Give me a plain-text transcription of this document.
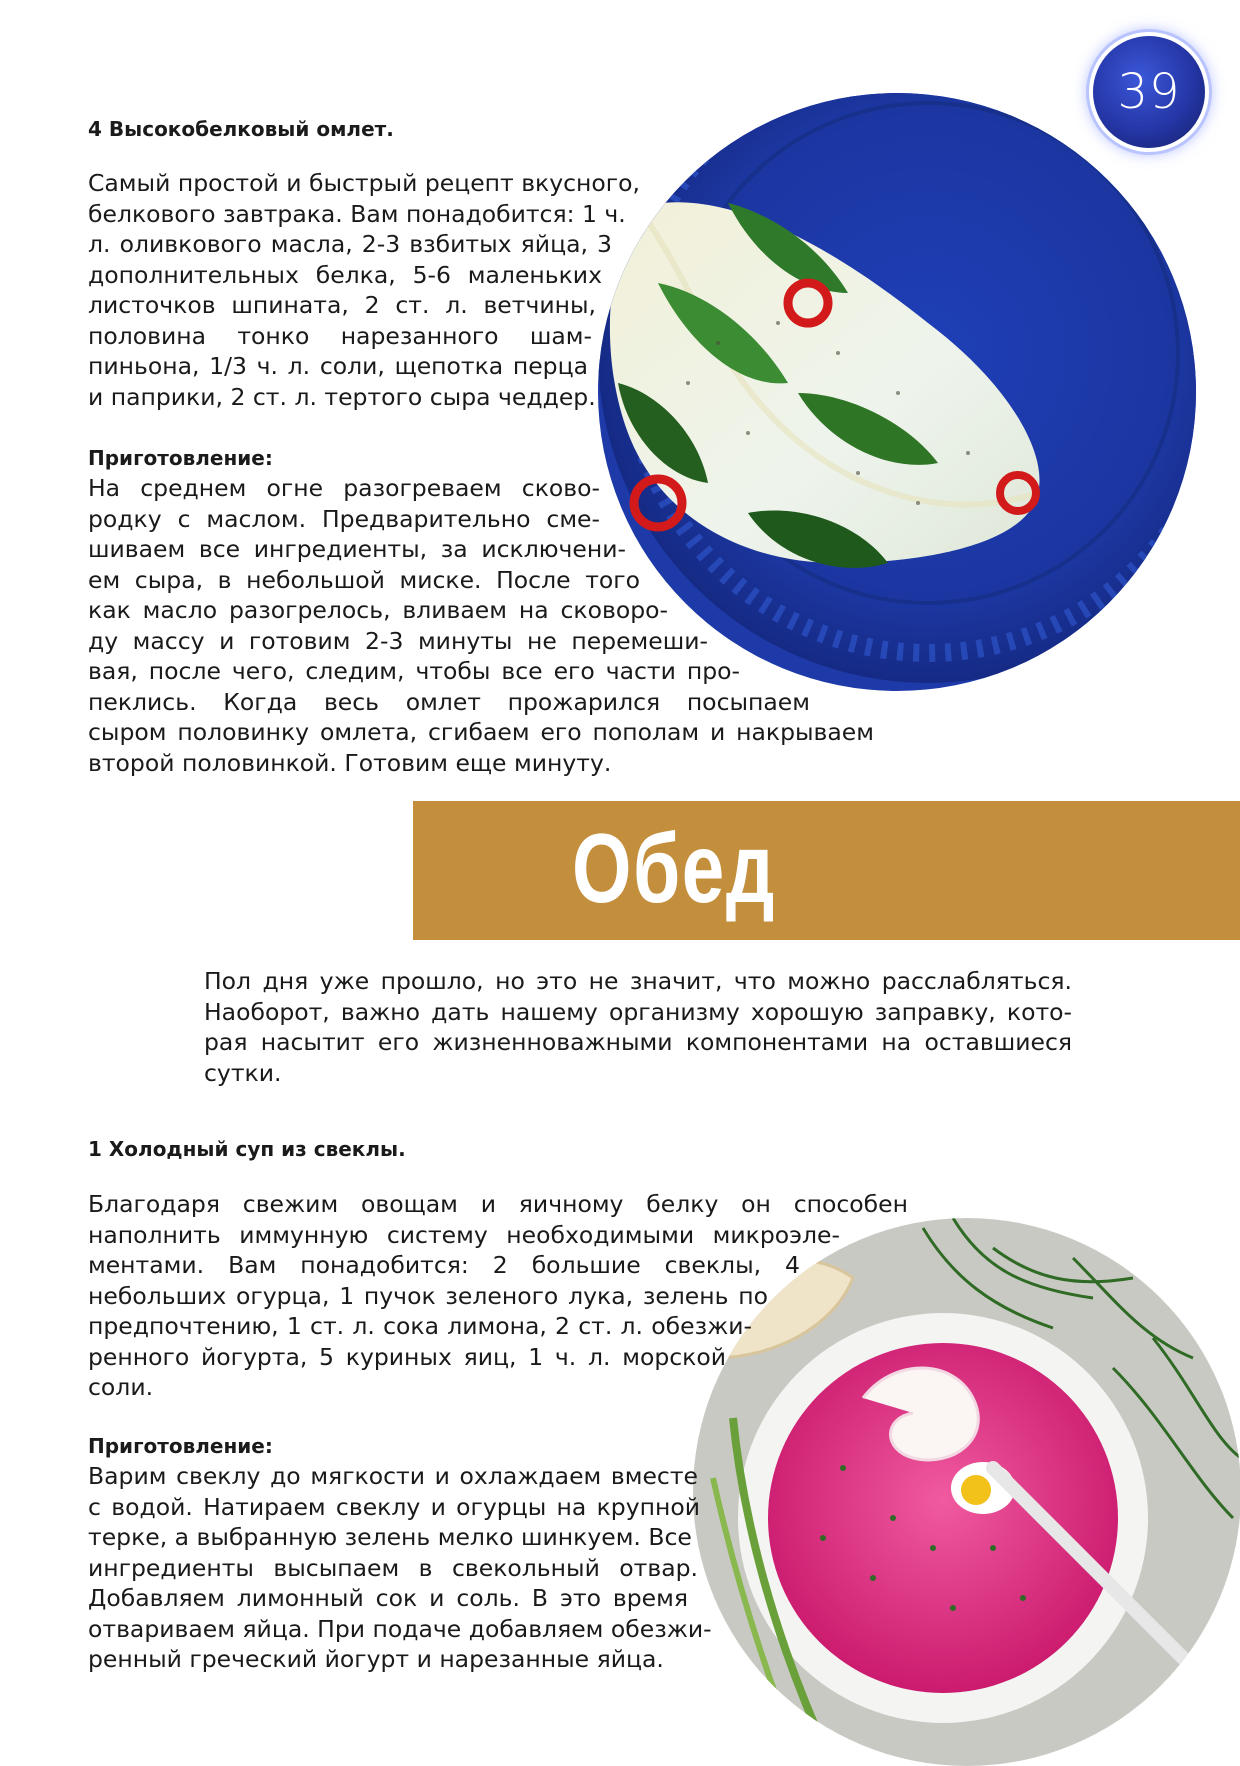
39
4 Высокобелковый омлет.
Самый простой и быстрый рецепт вкусного,
белкового завтрака. Вам понадобится: 1 ч.
л. оливкового масла, 2-3 взбитых яйца, 3
дополнительных белка, 5-6 маленьких
листочков шпината, 2 ст. л. ветчины,
половина тонко нарезанного шам-
пиньона, 1/3 ч. л. соли, щепотка перца
и паприки, 2 ст. л. тертого сыра чеддер.
Приготовление:
На среднем огне разогреваем сково-
родку с маслом. Предварительно сме-
шиваем все ингредиенты, за исключени-
ем сыра, в небольшой миске. После того
как масло разогрелось, вливаем на сковоро-
ду массу и готовим 2-3 минуты не перемеши-
вая, после чего, следим, чтобы все его части про-
пеклись. Когда весь омлет прожарился посыпаем
сыром половинку омлета, сгибаем его пополам и накрываем
второй половинкой. Готовим еще минуту.
Обед
Пол дня уже прошло, но это не значит, что можно расслабляться.
Наоборот, важно дать нашему организму хорошую заправку, кото-
рая насытит его жизненноважными компонентами на оставшиеся
сутки.
1 Холодный суп из свеклы.
Благодаря свежим овощам и яичному белку он способен
наполнить иммунную систему необходимыми микроэле-
ментами. Вам понадобится: 2 большие свеклы, 4
небольших огурца, 1 пучок зеленого лука, зелень по
предпочтению, 1 ст. л. сока лимона, 2 ст. л. обезжи-
ренного йогурта, 5 куриных яиц, 1 ч. л. морской
соли.
Приготовление:
Варим свеклу до мягкости и охлаждаем вместе
с водой. Натираем свеклу и огурцы на крупной
терке, а выбранную зелень мелко шинкуем. Все
ингредиенты высыпаем в свекольный отвар.
Добавляем лимонный сок и соль. В это время
отвариваем яйца. При подаче добавляем обезжи-
ренный греческий йогурт и нарезанные яйца.
